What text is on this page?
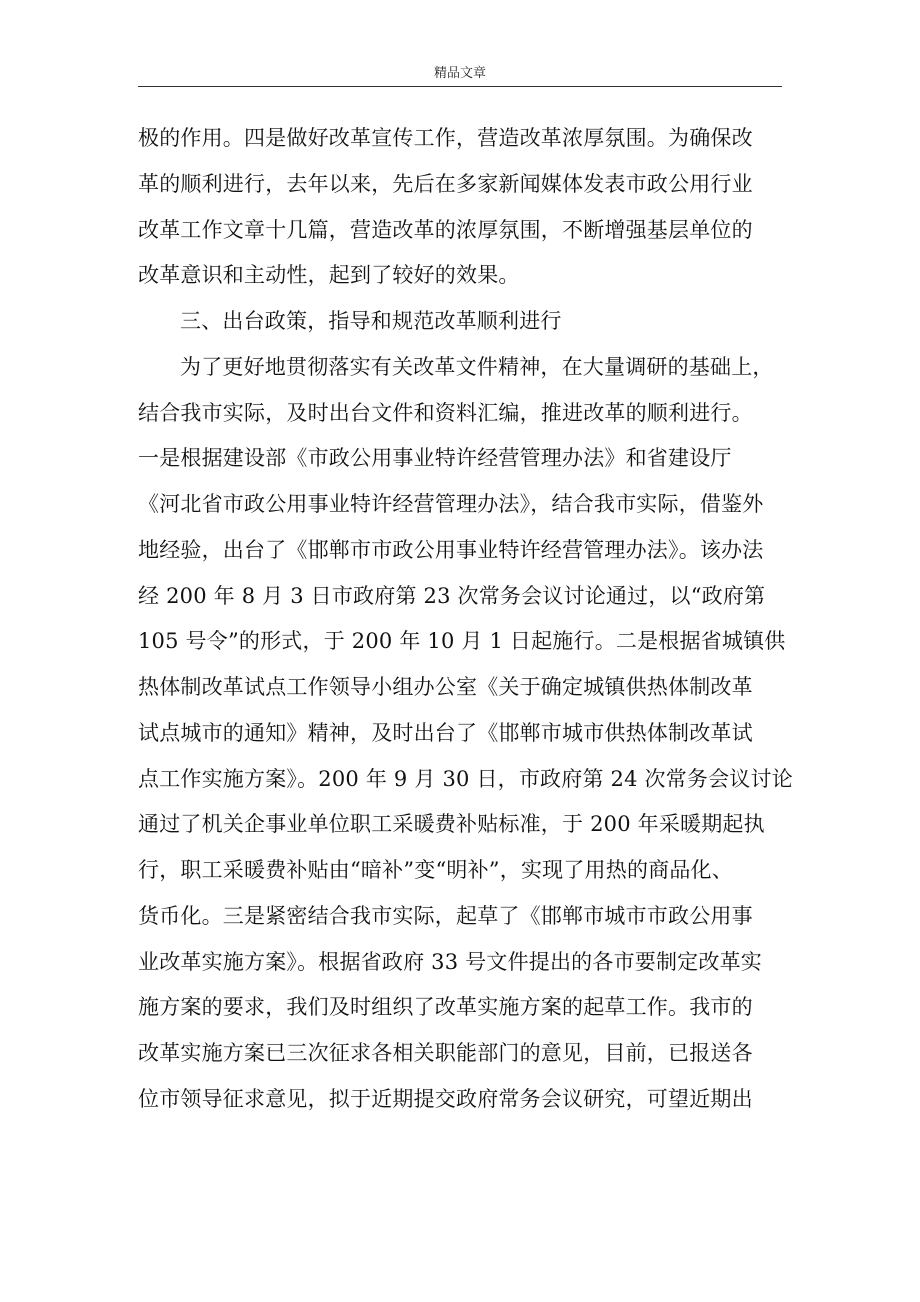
精品文章
极的作用。四是做好改革宣传工作，营造改革浓厚氛围。为确保改
革的顺利进行，去年以来，先后在多家新闻媒体发表市政公用行业
改革工作文章十几篇，营造改革的浓厚氛围，不断增强基层单位的
改革意识和主动性，起到了较好的效果。
三、出台政策，指导和规范改革顺利进行
为了更好地贯彻落实有关改革文件精神，在大量调研的基础上，
结合我市实际，及时出台文件和资料汇编，推进改革的顺利进行。
一是根据建设部《市政公用事业特许经营管理办法》和省建设厅
《河北省市政公用事业特许经营管理办法》，结合我市实际，借鉴外
地经验，出台了《邯郸市市政公用事业特许经营管理办法》。该办法
经 200 年 8 月 3 日市政府第 23 次常务会议讨论通过，以“政府第
105 号令”的形式，于 200 年 10 月 1 日起施行。二是根据省城镇供
热体制改革试点工作领导小组办公室《关于确定城镇供热体制改革
试点城市的通知》精神，及时出台了《邯郸市城市供热体制改革试
点工作实施方案》。200 年 9 月 30 日，市政府第 24 次常务会议讨论
通过了机关企事业单位职工采暖费补贴标准，于 200 年采暖期起执
行，职工采暖费补贴由“暗补”变“明补”，实现了用热的商品化、
货币化。三是紧密结合我市实际，起草了《邯郸市城市市政公用事
业改革实施方案》。根据省政府 33 号文件提出的各市要制定改革实
施方案的要求，我们及时组织了改革实施方案的起草工作。我市的
改革实施方案已三次征求各相关职能部门的意见，目前，已报送各
位市领导征求意见，拟于近期提交政府常务会议研究，可望近期出
